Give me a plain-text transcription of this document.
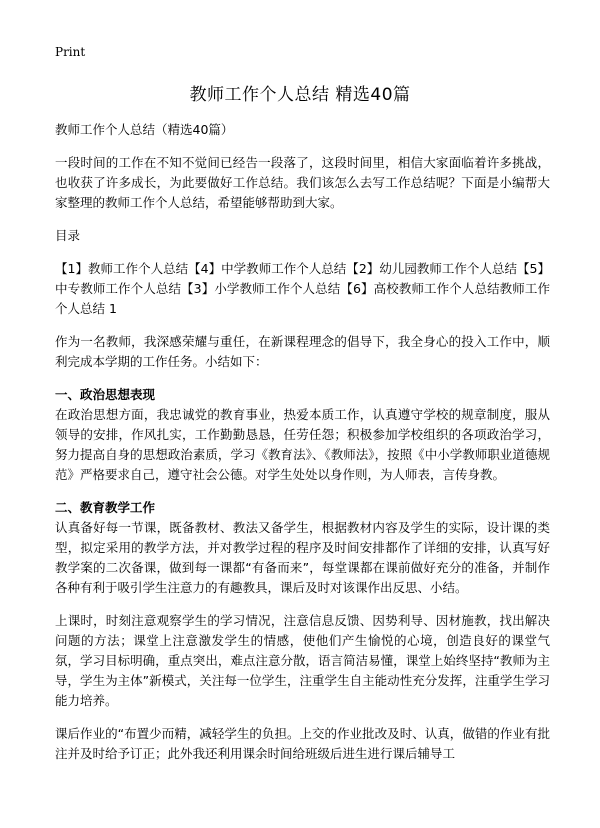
Print
教师工作个人总结 精选40篇

教师工作个人总结（精选40篇）

一段时间的工作在不知不觉间已经告一段落了，这段时间里，相信大家面临着许多挑战，也收获了许多成长，为此要做好工作总结。我们该怎么去写工作总结呢？下面是小编帮大家整理的教师工作个人总结，希望能够帮助到大家。

目录

【1】教师工作个人总结【4】中学教师工作个人总结【2】幼儿园教师工作个人总结【5】中专教师工作个人总结【3】小学教师工作个人总结【6】高校教师工作个人总结教师工作个人总结 1

作为一名教师，我深感荣耀与重任，在新课程理念的倡导下，我全身心的投入工作中，顺利完成本学期的工作任务。小结如下：

一、政治思想表现

在政治思想方面，我忠诚党的教育事业，热爱本质工作，认真遵守学校的规章制度，服从领导的安排，作风扎实，工作勤勤恳恳，任劳任怨；积极参加学校组织的各项政治学习，努力提高自身的思想政治素质，学习《教育法》、《教师法》，按照《中小学教师职业道德规范》严格要求自己，遵守社会公德。对学生处处以身作则，为人师表，言传身教。

二、教育教学工作

认真备好每一节课，既备教材、教法又备学生，根据教材内容及学生的实际，设计课的类型，拟定采用的教学方法，并对教学过程的程序及时间安排都作了详细的安排，认真写好教学案的二次备课，做到每一课都“有备而来”，每堂课都在课前做好充分的准备，并制作各种有利于吸引学生注意力的有趣教具，课后及时对该课作出反思、小结。

上课时，时刻注意观察学生的学习情况，注意信息反馈、因势利导、因材施教，找出解决问题的方法；课堂上注意激发学生的情感，使他们产生愉悦的心境，创造良好的课堂气氛，学习目标明确，重点突出，难点注意分散，语言简洁易懂，课堂上始终坚持“教师为主导，学生为主体”新模式，关注每一位学生，注重学生自主能动性充分发挥，注重学生学习能力培养。

课后作业的“布置少而精，减轻学生的负担。上交的作业批改及时、认真，做错的作业有批注并及时给予订正；此外我还利用课余时间给班级后进生进行课后辅导工
